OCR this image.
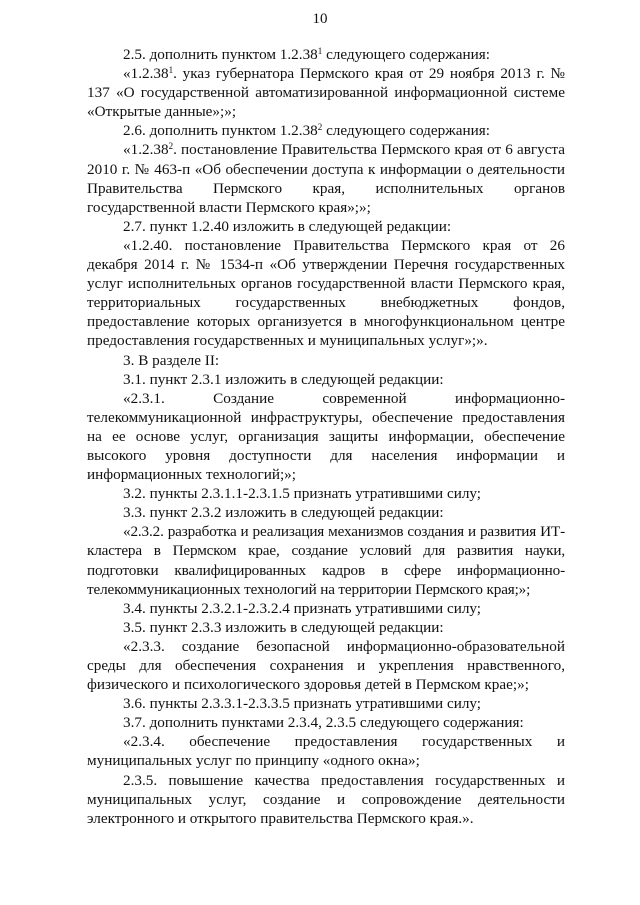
10

2.5. дополнить пунктом 1.2.38$^1$ следующего содержания:

«1.2.38$^1$. указ губернатора Пермского края от 29 ноября 2013 г. № 137 «О государственной автоматизированной информационной системе «Открытые данные»;»;

2.6. дополнить пунктом 1.2.38$^2$ следующего содержания:

«1.2.38$^2$. постановление Правительства Пермского края от 6 августа 2010 г. № 463-п «Об обеспечении доступа к информации о деятельности Правительства Пермского края, исполнительных органов государственной власти Пермского края»;»;

2.7. пункт 1.2.40 изложить в следующей редакции:

«1.2.40. постановление Правительства Пермского края от 26 декабря 2014 г. № 1534-п «Об утверждении Перечня государственных услуг исполнительных органов государственной власти Пермского края, территориальных государственных внебюджетных фондов, предоставление которых организуется в многофункциональном центре предоставления государственных и муниципальных услуг»;».

3. В разделе II:

3.1. пункт 2.3.1 изложить в следующей редакции:

«2.3.1. Создание современной информационно-телекоммуникационной инфраструктуры, обеспечение предоставления на ее основе услуг, организация защиты информации, обеспечение высокого уровня доступности для населения информации и информационных технологий;»;

3.2. пункты 2.3.1.1-2.3.1.5 признать утратившими силу;

3.3. пункт 2.3.2 изложить в следующей редакции:

«2.3.2. разработка и реализация механизмов создания и развития ИТ-кластера в Пермском крае, создание условий для развития науки, подготовки квалифицированных кадров в сфере информационно-телекоммуникационных технологий на территории Пермского края;»;

3.4. пункты 2.3.2.1-2.3.2.4 признать утратившими силу;

3.5. пункт 2.3.3 изложить в следующей редакции:

«2.3.3. создание безопасной информационно-образовательной среды для обеспечения сохранения и укрепления нравственного, физического и психологического здоровья детей в Пермском крае;»;

3.6. пункты 2.3.3.1-2.3.3.5 признать утратившими силу;

3.7. дополнить пунктами 2.3.4, 2.3.5 следующего содержания:

«2.3.4. обеспечение предоставления государственных и муниципальных услуг по принципу «одного окна»;

2.3.5. повышение качества предоставления государственных и муниципальных услуг, создание и сопровождение деятельности электронного и открытого правительства Пермского края.».
